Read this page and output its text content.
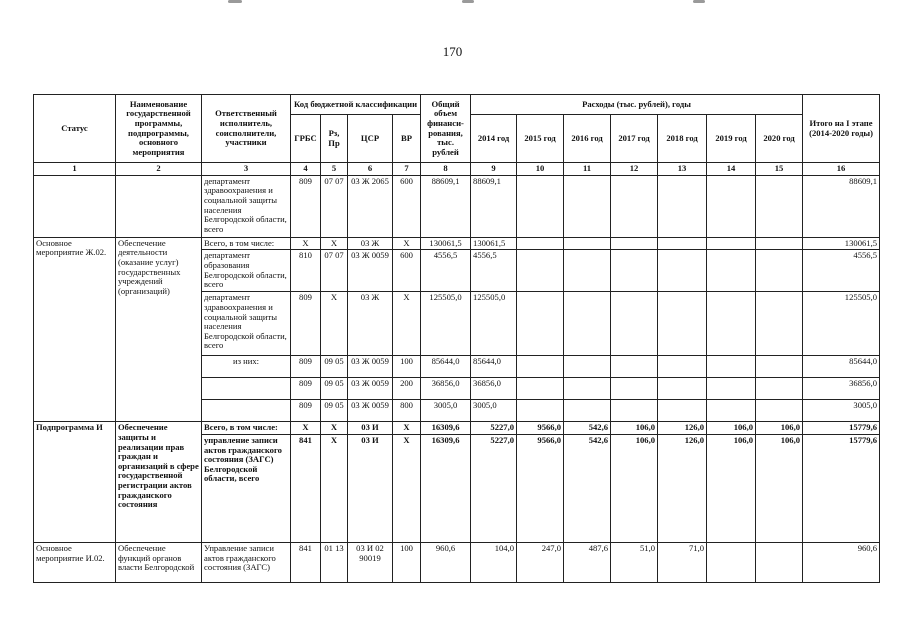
170
Статус	Наименование государственной программы, подпрограммы, основного мероприятия	Ответственный исполнитель, соисполнители, участники	Код бюджетной классификации				Общий объем финанси-рования, тыс. рублей	Расходы (тыс. рублей), годы							Итого на I этапе (2014-2020 годы)
			ГРБС	Рз, Пр	ЦСР	ВР		2014 год	2015 год	2016 год	2017 год	2018 год	2019 год	2020 год	
1	2	3	4	5	6	7	8	9	10	11	12	13	14	15	16
		департамент здравоохранения и социальной защиты населения Белгородской области, всего	809	07 07	03 Ж 2065	600	88609,1	88609,1							88609,1
Основное мероприятие Ж.02.	Обеспечение деятельности (оказание услуг) государственных учреждений (организаций)	Всего, в том числе:	Х	Х	03 Ж	Х	130061,5	130061,5							130061,5
		департамент образования Белгородской области, всего	810	07 07	03 Ж 0059	600	4556,5	4556,5							4556,5
		департамент здравоохранения и социальной защиты населения Белгородской области, всего	809	Х	03 Ж	Х	125505,0	125505,0							125505,0
		из них:	809	09 05	03 Ж 0059	100	85644,0	85644,0							85644,0
			809	09 05	03 Ж 0059	200	36856,0	36856,0							36856,0
			809	09 05	03 Ж 0059	800	3005,0	3005,0							3005,0
Подпрограмма И	Обеспечение защиты и реализации прав граждан и организаций в сфере государственной регистрации актов гражданского состояния	Всего, в том числе:	Х	Х	03 И	Х	16309,6	5227,0	9566,0	542,6	106,0	126,0	106,0	106,0	15779,6
		управление записи актов гражданского состояния (ЗАГС) Белгородской области, всего	841	Х	03 И	Х	16309,6	5227,0	9566,0	542,6	106,0	126,0	106,0	106,0	15779,6
Основное мероприятие И.02.	Обеспечение функций органов власти Белгородской	Управление записи актов гражданского состояния (ЗАГС)	841	01 13	03 И 02 90019	100	960,6	104,0	247,0	487,6	51,0	71,0			960,6
